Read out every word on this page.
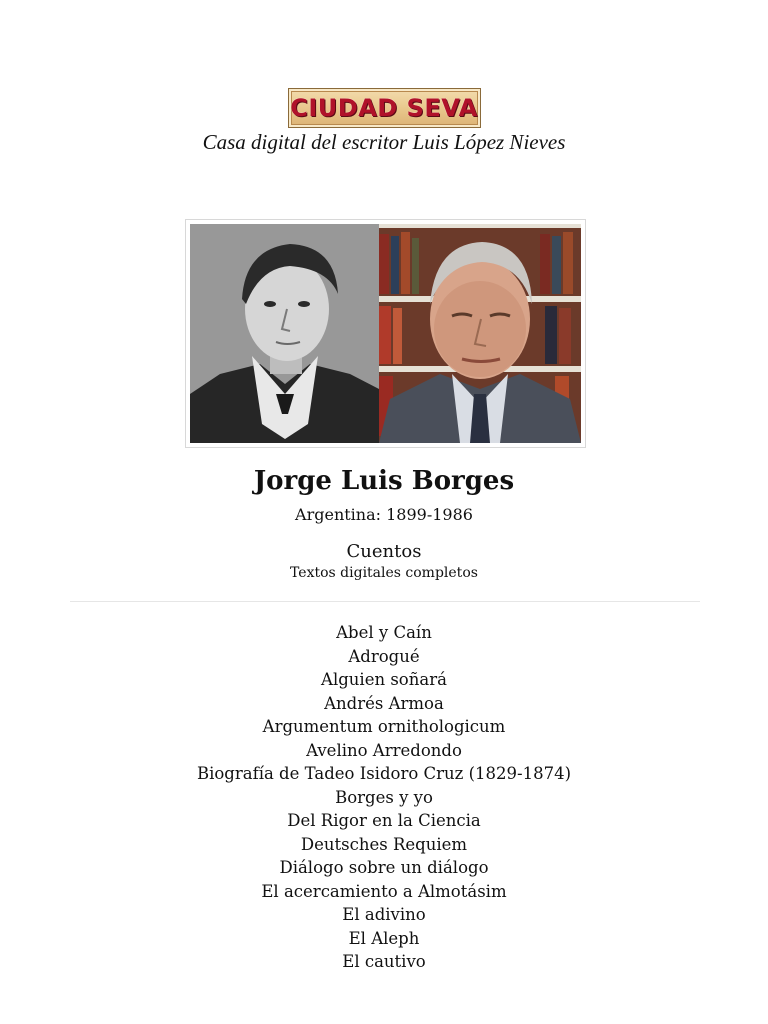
CIUDAD SEVA
Casa digital del escritor Luis López Nieves
Jorge Luis Borges
Argentina: 1899-1986
Cuentos
Textos digitales completos
Abel y Caín
Adrogué
Alguien soñará
Andrés Armoa
Argumentum ornithologicum
Avelino Arredondo
Biografía de Tadeo Isidoro Cruz (1829-1874)
Borges y yo
Del Rigor en la Ciencia
Deutsches Requiem
Diálogo sobre un diálogo
El acercamiento a Almotásim
El adivino
El Aleph
El cautivo
